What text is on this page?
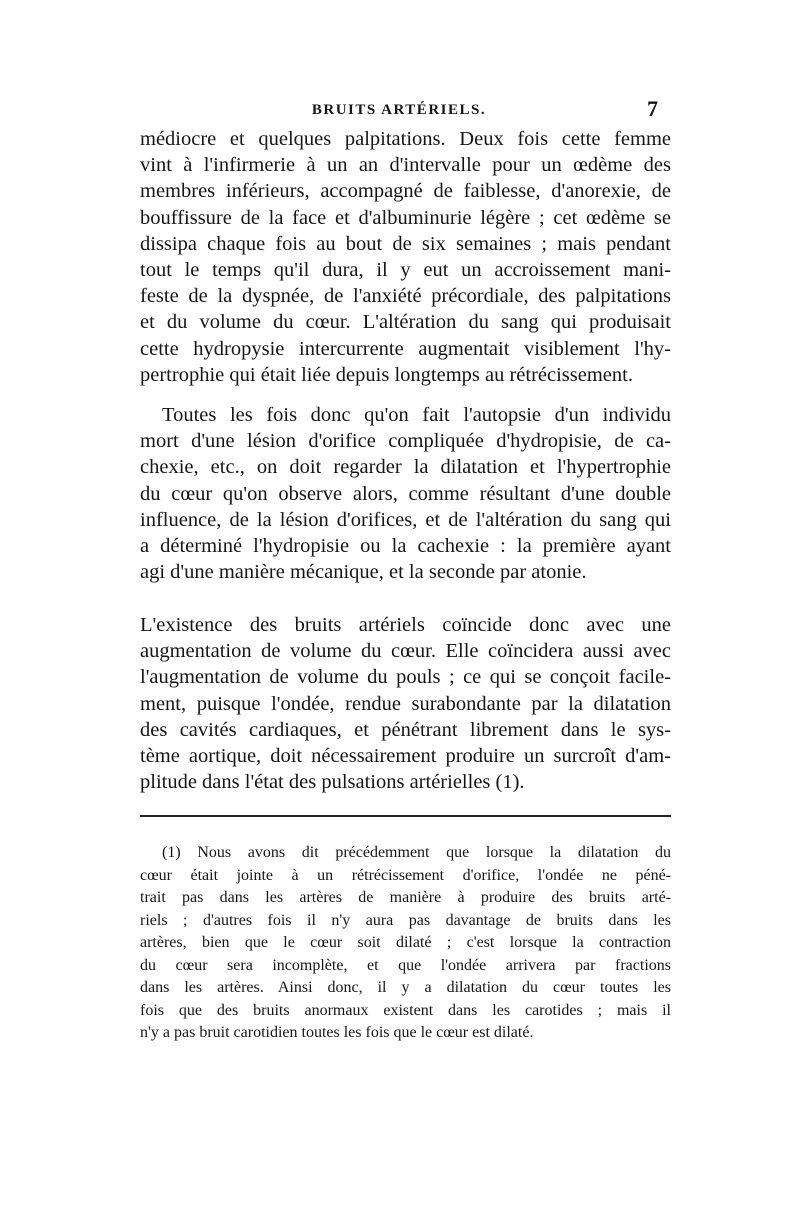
BRUITS ARTÉRIELS.	7
médiocre et quelques palpitations. Deux fois cette femme
vint à l'infirmerie à un an d'intervalle pour un œdème des
membres inférieurs, accompagné de faiblesse, d'anorexie, de
bouffissure de la face et d'albuminurie légère ; cet œdème se
dissipa chaque fois au bout de six semaines ; mais pendant
tout le temps qu'il dura, il y eut un accroissement mani-
feste de la dyspnée, de l'anxiété précordiale, des palpitations
et du volume du cœur. L'altération du sang qui produisait
cette hydropysie intercurrente augmentait visiblement l'hy-
pertrophie qui était liée depuis longtemps au rétrécissement.
Toutes les fois donc qu'on fait l'autopsie d'un individu
mort d'une lésion d'orifice compliquée d'hydropisie, de ca-
chexie, etc., on doit regarder la dilatation et l'hypertrophie
du cœur qu'on observe alors, comme résultant d'une double
influence, de la lésion d'orifices, et de l'altération du sang qui
a déterminé l'hydropisie ou la cachexie : la première ayant
agi d'une manière mécanique, et la seconde par atonie.
L'existence des bruits artériels coïncide donc avec une
augmentation de volume du cœur. Elle coïncidera aussi avec
l'augmentation de volume du pouls ; ce qui se conçoit facile-
ment, puisque l'ondée, rendue surabondante par la dilatation
des cavités cardiaques, et pénétrant librement dans le sys-
tème aortique, doit nécessairement produire un surcroît d'am-
plitude dans l'état des pulsations artérielles (1).
(1) Nous avons dit précédemment que lorsque la dilatation du
cœur était jointe à un rétrécissement d'orifice, l'ondée ne péné-
trait pas dans les artères de manière à produire des bruits arté-
riels ; d'autres fois il n'y aura pas davantage de bruits dans les
artères, bien que le cœur soit dilaté ; c'est lorsque la contraction
du cœur sera incomplète, et que l'ondée arrivera par fractions
dans les artères. Ainsi donc, il y a dilatation du cœur toutes les
fois que des bruits anormaux existent dans les carotides ; mais il
n'y a pas bruit carotidien toutes les fois que le cœur est dilaté.
